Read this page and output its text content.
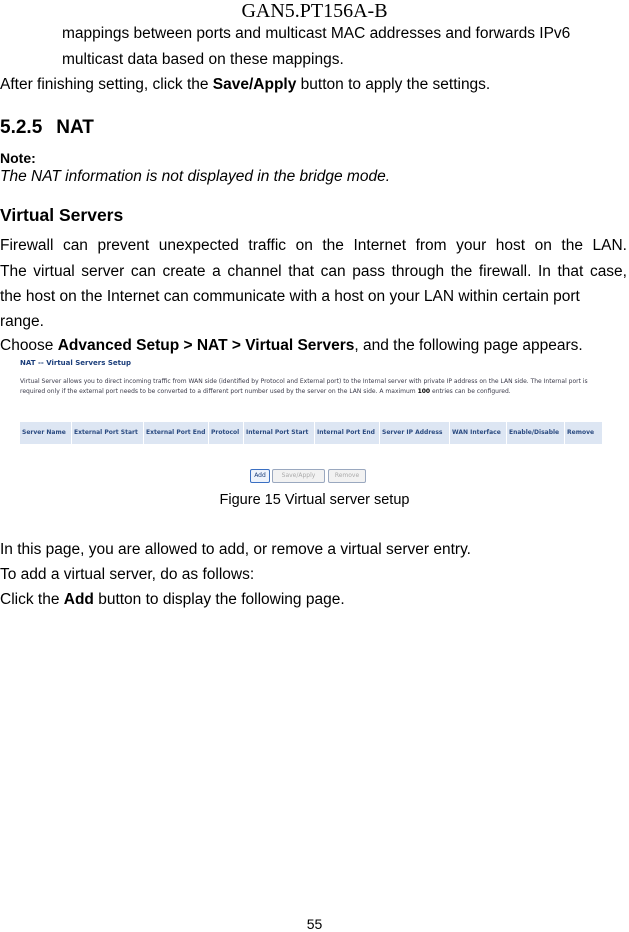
GAN5.PT156A-B
mappings between ports and multicast MAC addresses and forwards IPv6
multicast data based on these mappings.
After finishing setting, click the Save/Apply button to apply the settings.
5.2.5 NAT
Note:
The NAT information is not displayed in the bridge mode.
Virtual Servers
Firewall can prevent unexpected traffic on the Internet from your host on the LAN.
The virtual server can create a channel that can pass through the firewall. In that case,
the host on the Internet can communicate with a host on your LAN within certain port
range.
Choose Advanced Setup > NAT > Virtual Servers, and the following page appears.
NAT -- Virtual Servers Setup
Virtual Server allows you to direct incoming traffic from WAN side (identified by Protocol and External port) to the Internal server with private IP address on the LAN side. The Internal port is required only if the external port needs to be converted to a different port number used by the server on the LAN side. A maximum 100 entries can be configured.
Server Name	External Port Start	External Port End	Protocol	Internal Port Start	Internal Port End	Server IP Address	WAN Interface	Enable/Disable	Remove
Add	Save/Apply	Remove
Figure 15 Virtual server setup
In this page, you are allowed to add, or remove a virtual server entry.
To add a virtual server, do as follows:
Click the Add button to display the following page.
55
